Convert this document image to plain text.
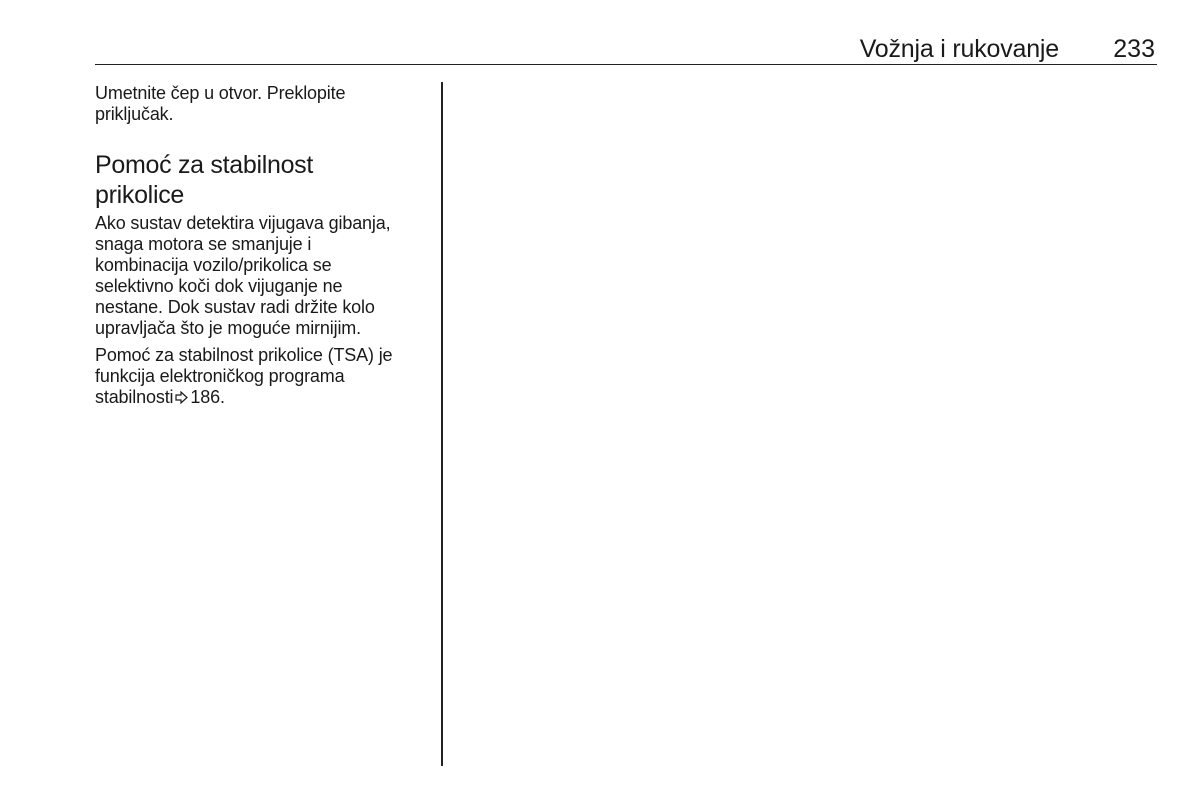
Vožnja i rukovanje 233

Umetnite čep u otvor. Preklopite
priključak.

Pomoć za stabilnost
prikolice

Ako sustav detektira vijugava gibanja,
snaga motora se smanjuje i
kombinacija vozilo/prikolica se
selektivno koči dok vijuganje ne
nestane. Dok sustav radi držite kolo
upravljača što je moguće mirnijim.

Pomoć za stabilnost prikolice (TSA) je
funkcija elektroničkog programa
stabilnosti 186.
